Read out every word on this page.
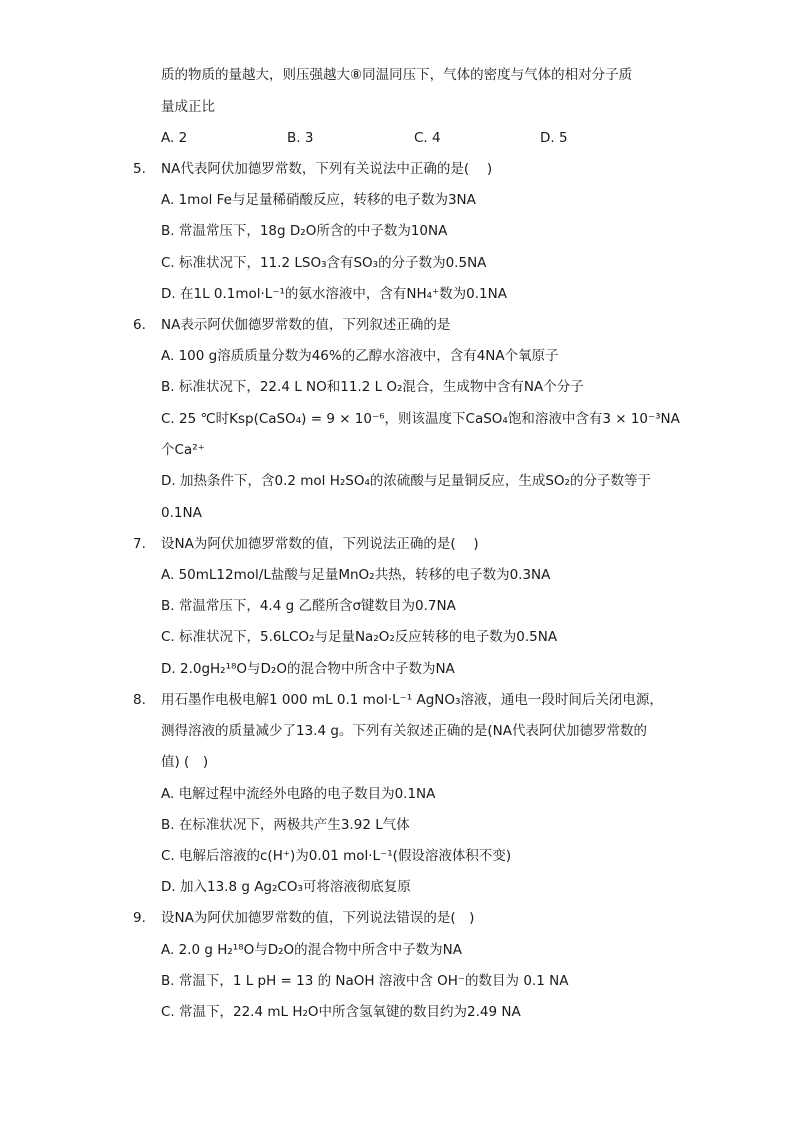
质的物质的量越大，则压强越大⑧同温同压下，气体的密度与气体的相对分子质
量成正比
A. 2	B. 3	C. 4	D. 5
5. NA代表阿伏加德罗常数，下列有关说法中正确的是(　 )
A. 1mol Fe与足量稀硝酸反应，转移的电子数为3NA
B. 常温常压下，18g D₂O所含的中子数为10NA
C. 标准状况下，11.2 LSO₃含有SO₃的分子数为0.5NA
D. 在1L 0.1mol·L⁻¹的氨水溶液中，含有NH₄⁺数为0.1NA
6. NA表示阿伏伽德罗常数的值，下列叙述正确的是
A. 100 g溶质质量分数为46%的乙醇水溶液中，含有4NA个氧原子
B. 标准状况下，22.4 L NO和11.2 L O₂混合，生成物中含有NA个分子
C. 25 ℃时Ksp(CaSO₄) = 9 × 10⁻⁶，则该温度下CaSO₄饱和溶液中含有3 × 10⁻³NA
个Ca²⁺
D. 加热条件下，含0.2 mol H₂SO₄的浓硫酸与足量铜反应，生成SO₂的分子数等于
0.1NA
7. 设NA为阿伏加德罗常数的值，下列说法正确的是(　 )
A. 50mL12mol/L盐酸与足量MnO₂共热，转移的电子数为0.3NA
B. 常温常压下，4.4 g 乙醛所含σ键数目为0.7NA
C. 标准状况下，5.6LCO₂与足量Na₂O₂反应转移的电子数为0.5NA
D. 2.0gH₂¹⁸O与D₂O的混合物中所含中子数为NA
8. 用石墨作电极电解1 000 mL 0.1 mol·L⁻¹ AgNO₃溶液，通电一段时间后关闭电源，
测得溶液的质量减少了13.4 g。下列有关叙述正确的是(NA代表阿伏加德罗常数的
值) (　)
A. 电解过程中流经外电路的电子数目为0.1NA
B. 在标准状况下，两极共产生3.92 L气体
C. 电解后溶液的c(H⁺)为0.01 mol·L⁻¹(假设溶液体积不变)
D. 加入13.8 g Ag₂CO₃可将溶液彻底复原
9. 设NA为阿伏加德罗常数的值，下列说法错误的是(　)
A. 2.0 g H₂¹⁸O与D₂O的混合物中所含中子数为NA
B. 常温下，1 L pH = 13 的 NaOH 溶液中含 OH⁻的数目为 0.1 NA
C. 常温下，22.4 mL H₂O中所含氢氧键的数目约为2.49 NA
